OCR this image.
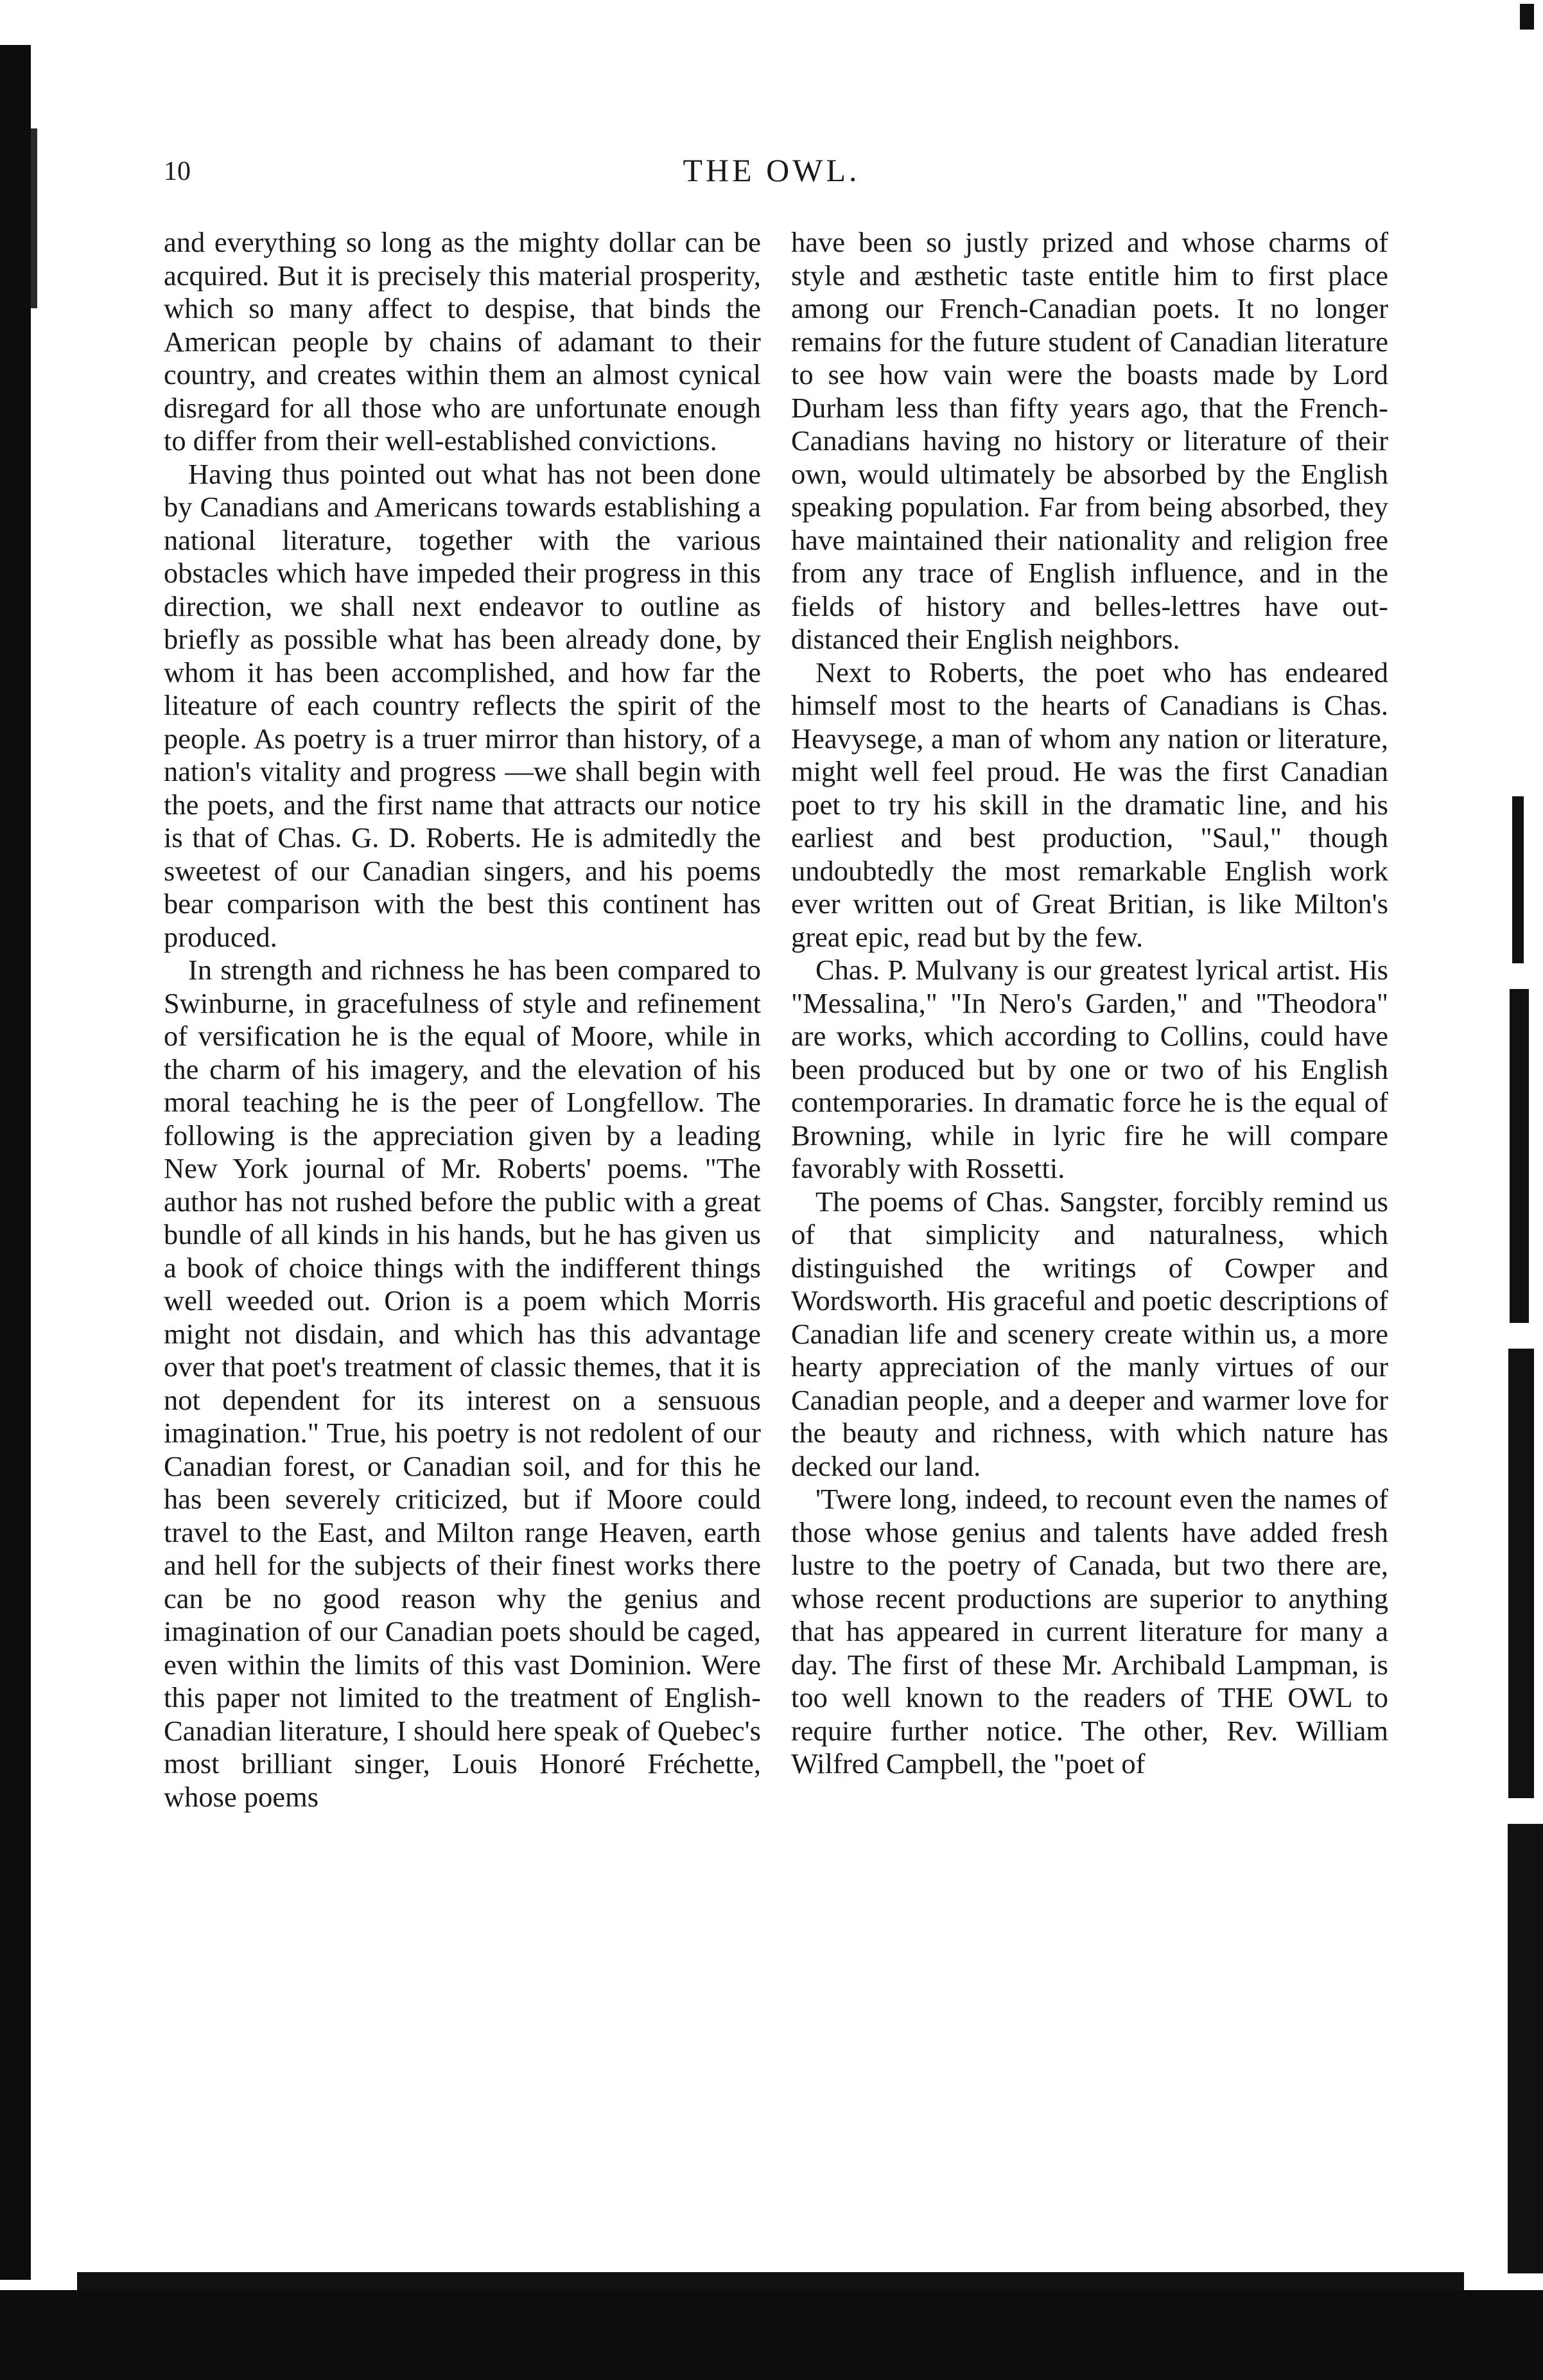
10	THE OWL.

and everything so long as the mighty dollar can be acquired. But it is precisely this material prosperity, which so many affect to despise, that binds the American people by chains of adamant to their country, and creates within them an almost cynical disregard for all those who are unfortunate enough to differ from their well-established convictions.

Having thus pointed out what has not been done by Canadians and Americans towards establishing a national literature, together with the various obstacles which have impeded their progress in this direction, we shall next endeavor to outline as briefly as possible what has been already done, by whom it has been accomplished, and how far the liteature of each country reflects the spirit of the people. As poetry is a truer mirror than history, of a nation's vitality and progress —we shall begin with the poets, and the first name that attracts our notice is that of Chas. G. D. Roberts. He is admitedly the sweetest of our Canadian singers, and his poems bear comparison with the best this continent has produced.

In strength and richness he has been compared to Swinburne, in gracefulness of style and refinement of versification he is the equal of Moore, while in the charm of his imagery, and the elevation of his moral teaching he is the peer of Longfellow. The following is the appreciation given by a leading New York journal of Mr. Roberts' poems. "The author has not rushed before the public with a great bundle of all kinds in his hands, but he has given us a book of choice things with the indifferent things well weeded out. Orion is a poem which Morris might not disdain, and which has this advantage over that poet's treatment of classic themes, that it is not dependent for its interest on a sensuous imagination." True, his poetry is not redolent of our Canadian forest, or Canadian soil, and for this he has been severely criticized, but if Moore could travel to the East, and Milton range Heaven, earth and hell for the subjects of their finest works there can be no good reason why the genius and imagination of our Canadian poets should be caged, even within the limits of this vast Dominion. Were this paper not limited to the treatment of English-Canadian literature, I should here speak of Quebec's most brilliant singer, Louis Honoré Fréchette, whose poems

have been so justly prized and whose charms of style and æsthetic taste entitle him to first place among our French-Canadian poets. It no longer remains for the future student of Canadian literature to see how vain were the boasts made by Lord Durham less than fifty years ago, that the French-Canadians having no history or literature of their own, would ultimately be absorbed by the English speaking population. Far from being absorbed, they have maintained their nationality and religion free from any trace of English influence, and in the fields of history and belles-lettres have out-distanced their English neighbors.

Next to Roberts, the poet who has endeared himself most to the hearts of Canadians is Chas. Heavysege, a man of whom any nation or literature, might well feel proud. He was the first Canadian poet to try his skill in the dramatic line, and his earliest and best production, "Saul," though undoubtedly the most remarkable English work ever written out of Great Britian, is like Milton's great epic, read but by the few.

Chas. P. Mulvany is our greatest lyrical artist. His "Messalina," "In Nero's Garden," and "Theodora" are works, which according to Collins, could have been produced but by one or two of his English contemporaries. In dramatic force he is the equal of Browning, while in lyric fire he will compare favorably with Rossetti.

The poems of Chas. Sangster, forcibly remind us of that simplicity and naturalness, which distinguished the writings of Cowper and Wordsworth. His graceful and poetic descriptions of Canadian life and scenery create within us, a more hearty appreciation of the manly virtues of our Canadian people, and a deeper and warmer love for the beauty and richness, with which nature has decked our land.

'Twere long, indeed, to recount even the names of those whose genius and talents have added fresh lustre to the poetry of Canada, but two there are, whose recent productions are superior to anything that has appeared in current literature for many a day. The first of these Mr. Archibald Lampman, is too well known to the readers of THE OWL to require further notice. The other, Rev. William Wilfred Campbell, the "poet of
